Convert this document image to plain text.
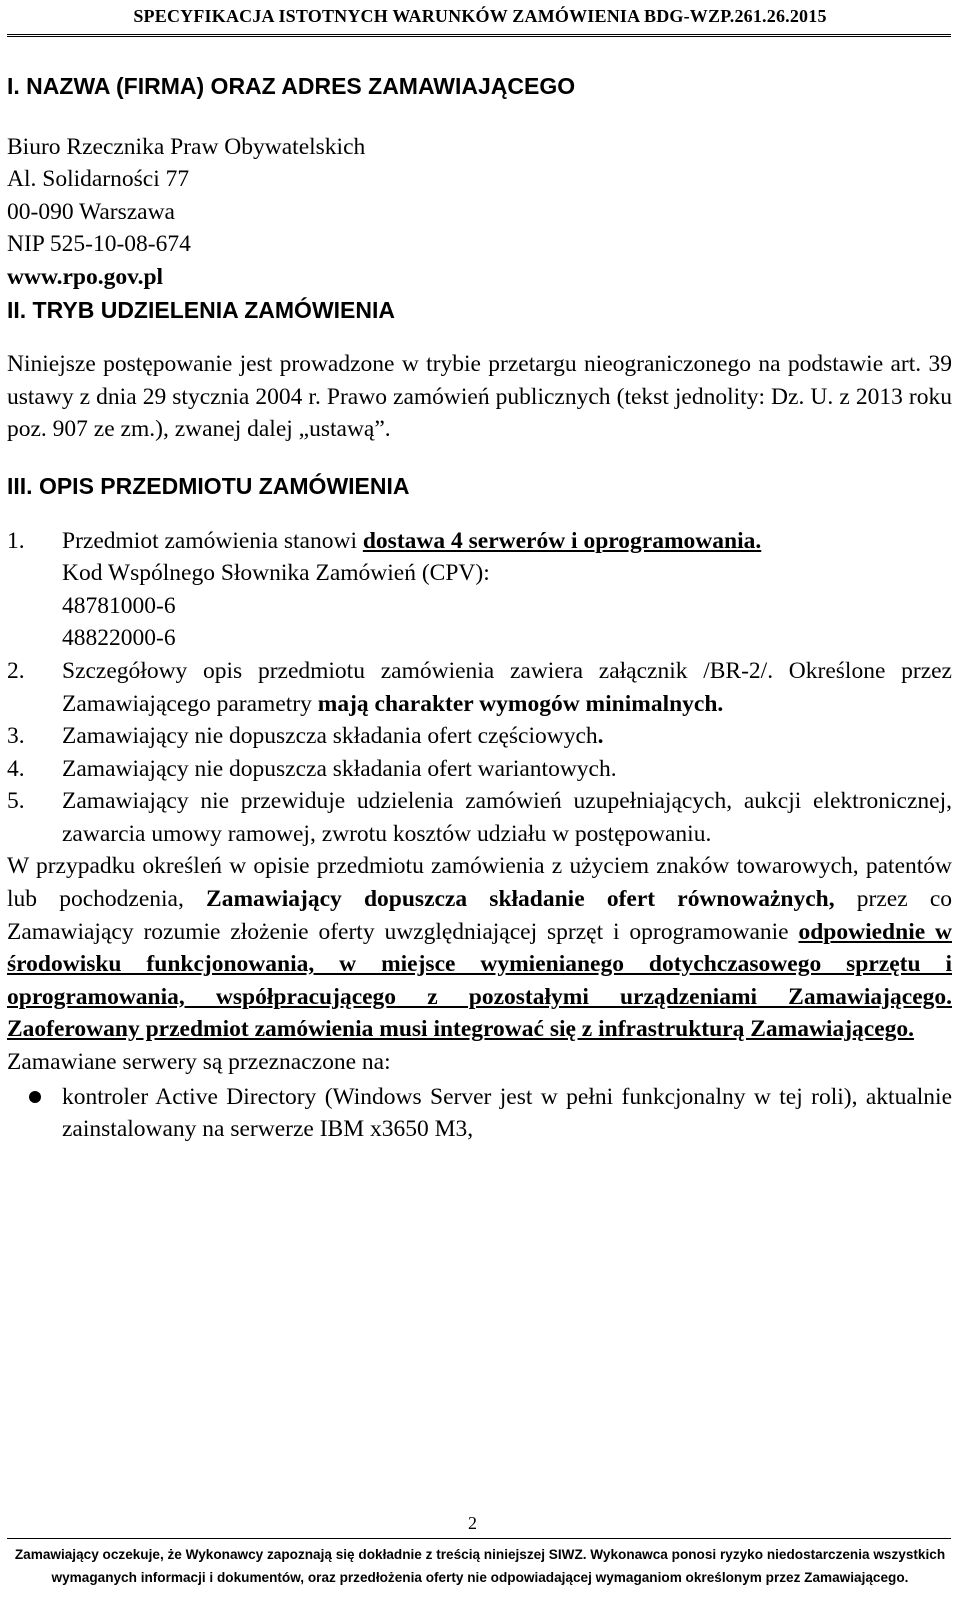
SPECYFIKACJA ISTOTNYCH WARUNKÓW ZAMÓWIENIA BDG-WZP.261.26.2015

I. NAZWA (FIRMA) ORAZ ADRES ZAMAWIAJĄCEGO

Biuro Rzecznika Praw Obywatelskich

Al. Solidarności 77

00-090 Warszawa

NIP 525-10-08-674

www.rpo.gov.pl

II. TRYB UDZIELENIA ZAMÓWIENIA

Niniejsze postępowanie jest prowadzone w trybie przetargu nieograniczonego na podstawie art. 39 ustawy z dnia 29 stycznia 2004 r. Prawo zamówień publicznych (tekst jednolity: Dz. U. z 2013 roku poz. 907 ze zm.), zwanej dalej „ustawą”.

III. OPIS PRZEDMIOTU ZAMÓWIENIA

1.	Przedmiot zamówienia stanowi dostawa 4 serwerów i oprogramowania.
Kod Wspólnego Słownika Zamówień (CPV):
48781000-6
48822000-6
2.	Szczegółowy opis przedmiotu zamówienia zawiera załącznik /BR-2/. Określone przez Zamawiającego parametry mają charakter wymogów minimalnych.
3.	Zamawiający nie dopuszcza składania ofert częściowych.
4.	Zamawiający nie dopuszcza składania ofert wariantowych.
5.	Zamawiający nie przewiduje udzielenia zamówień uzupełniających, aukcji elektronicznej, zawarcia umowy ramowej, zwrotu kosztów udziału w postępowaniu.

W przypadku określeń w opisie przedmiotu zamówienia z użyciem znaków towarowych, patentów lub pochodzenia, Zamawiający dopuszcza składanie ofert równoważnych, przez co Zamawiający rozumie złożenie oferty uwzględniającej sprzęt i oprogramowanie odpowiednie w środowisku funkcjonowania, w miejsce wymienianego dotychczasowego sprzętu i oprogramowania, współpracującego z pozostałymi urządzeniami Zamawiającego. Zaoferowany przedmiot zamówienia musi integrować się z infrastrukturą Zamawiającego.

Zamawiane serwery są przeznaczone na:

kontroler Active Directory (Windows Server jest w pełni funkcjonalny w tej roli), aktualnie zainstalowany na serwerze IBM x3650 M3,
2
Zamawiający oczekuje, że Wykonawcy zapoznają się dokładnie z treścią niniejszej SIWZ. Wykonawca ponosi ryzyko niedostarczenia wszystkich
wymaganych informacji i dokumentów, oraz przedłożenia oferty nie odpowiadającej wymaganiom określonym przez Zamawiającego.
